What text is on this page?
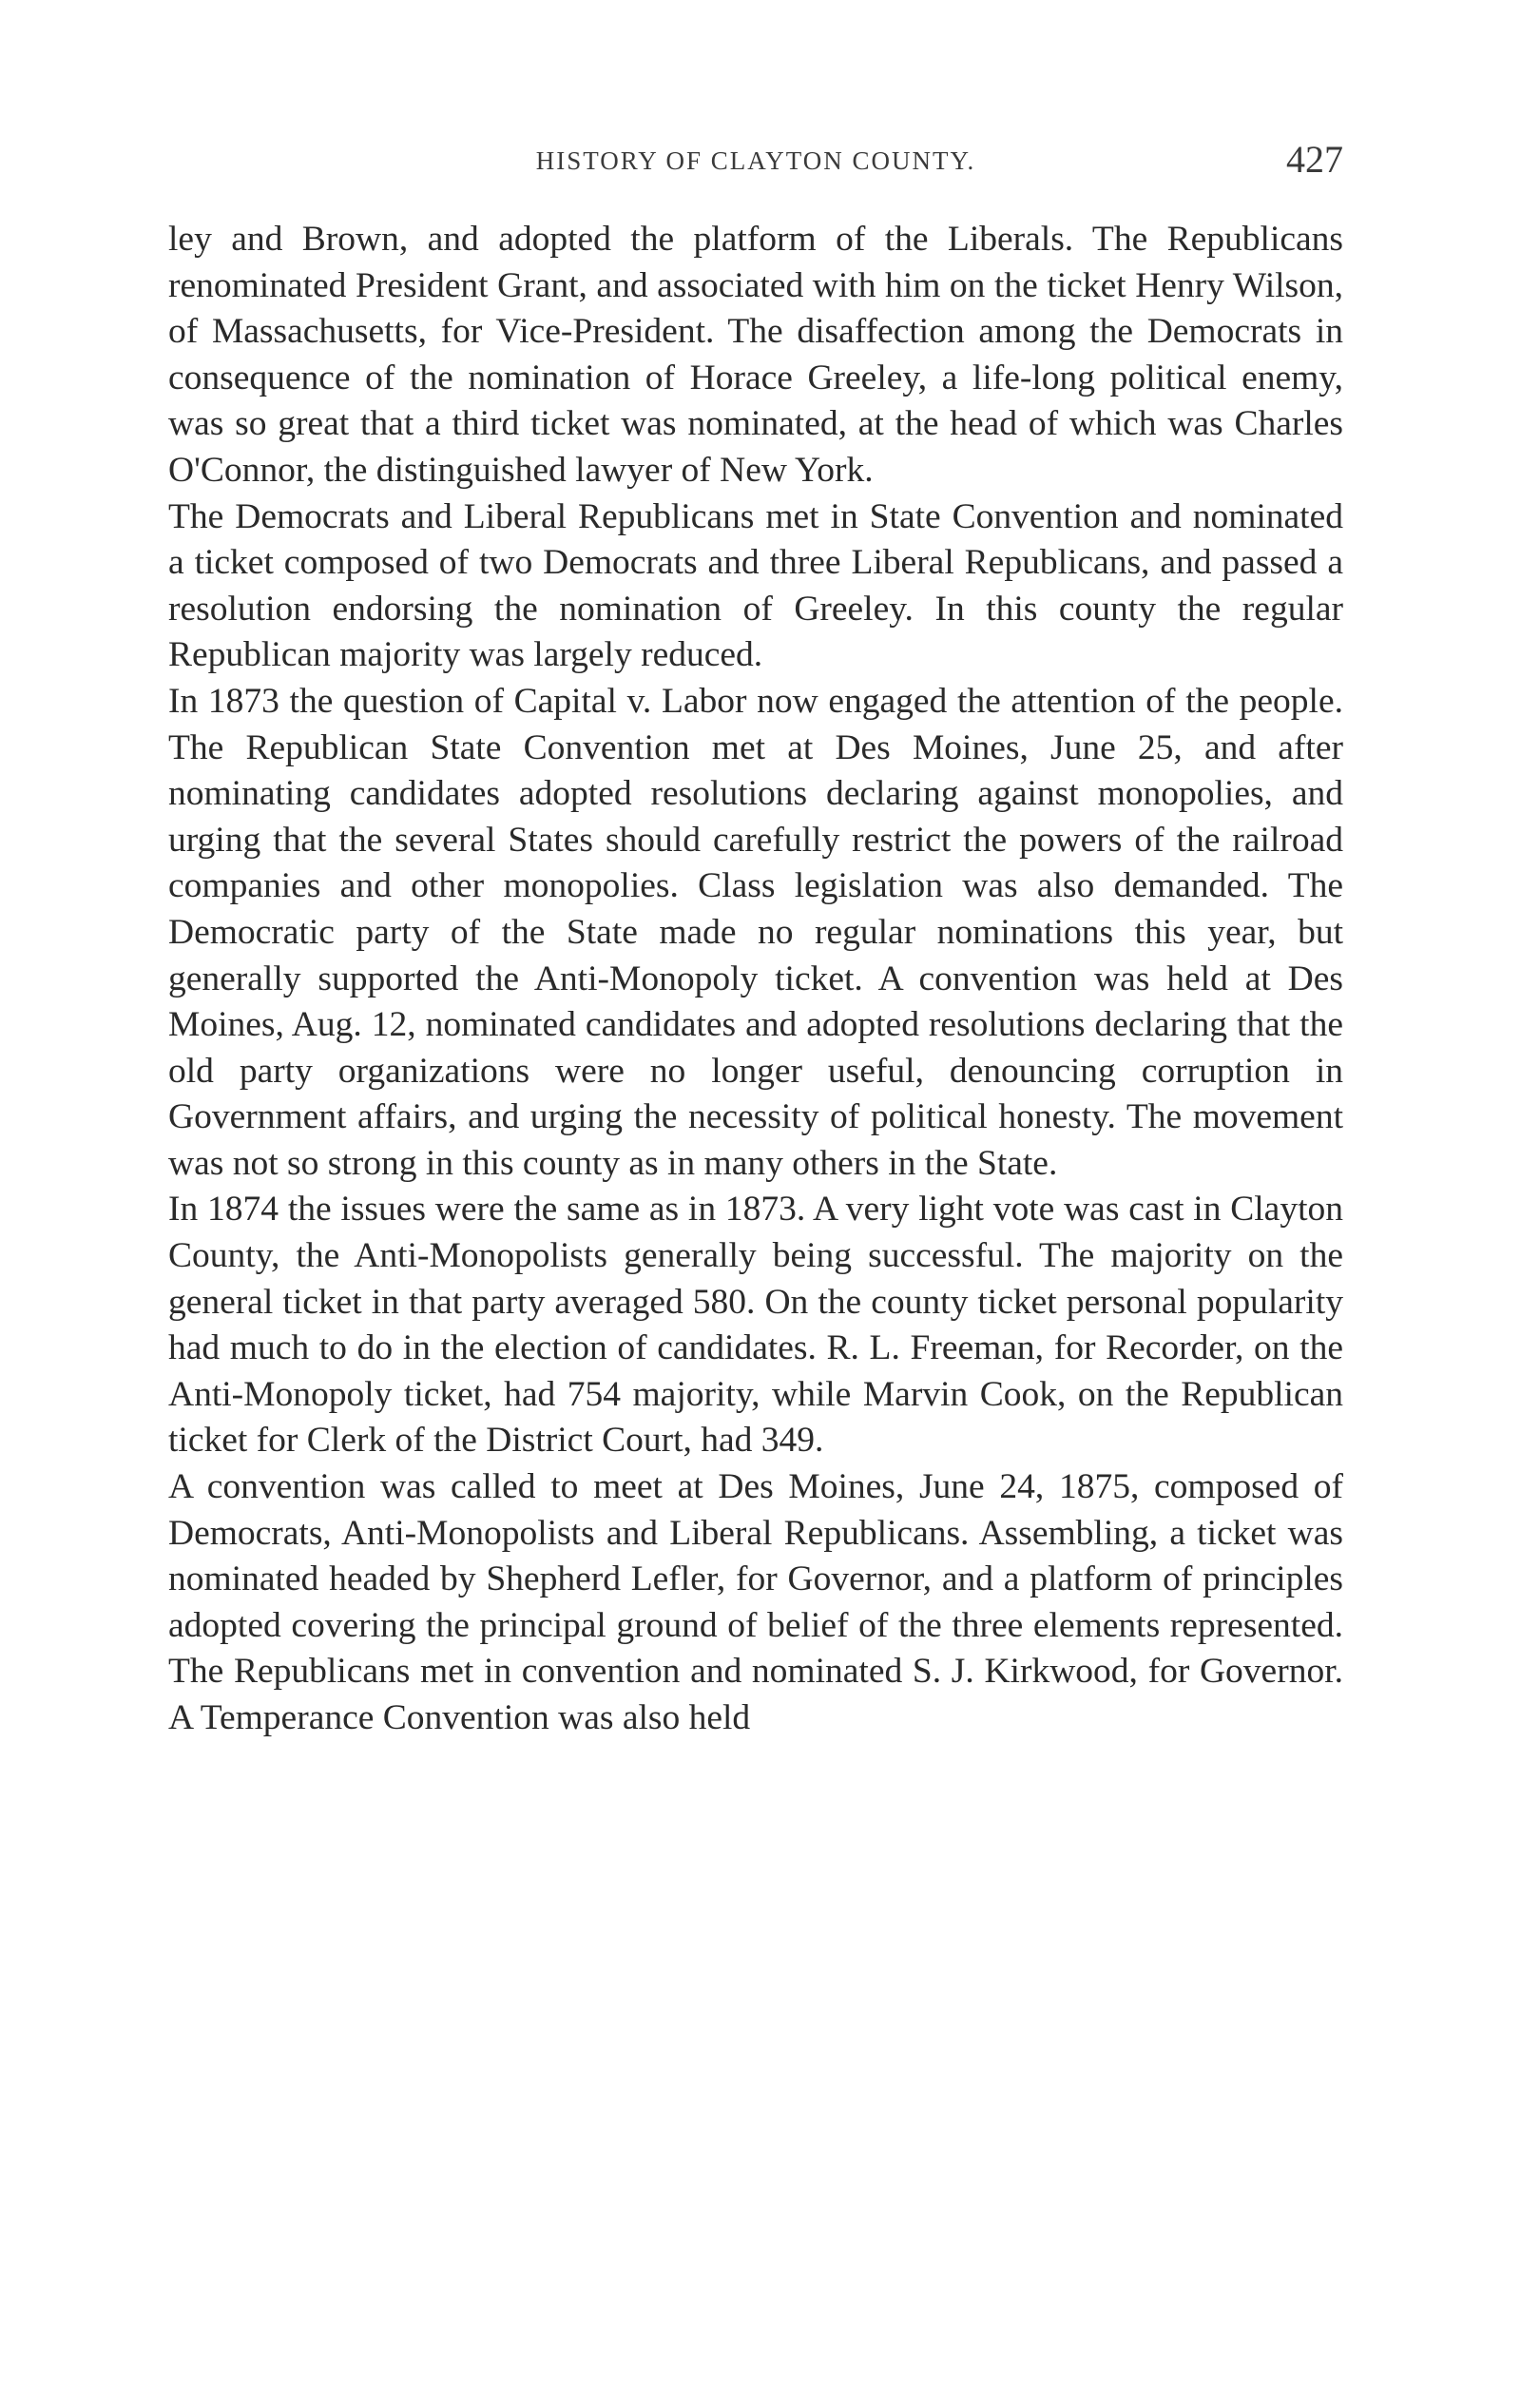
HISTORY OF CLAYTON COUNTY.	427

ley and Brown, and adopted the platform of the Liberals. The Republicans renominated President Grant, and associated with him on the ticket Henry Wilson, of Massachusetts, for Vice-President. The disaffection among the Democrats in consequence of the nomination of Horace Greeley, a life-long political enemy, was so great that a third ticket was nominated, at the head of which was Charles O'Connor, the distinguished lawyer of New York.

The Democrats and Liberal Republicans met in State Convention and nominated a ticket composed of two Democrats and three Liberal Republicans, and passed a resolution endorsing the nomination of Greeley. In this county the regular Republican majority was largely reduced.

In 1873 the question of Capital v. Labor now engaged the attention of the people. The Republican State Convention met at Des Moines, June 25, and after nominating candidates adopted resolutions declaring against monopolies, and urging that the several States should carefully restrict the powers of the railroad companies and other monopolies. Class legislation was also demanded. The Democratic party of the State made no regular nominations this year, but generally supported the Anti-Monopoly ticket. A convention was held at Des Moines, Aug. 12, nominated candidates and adopted resolutions declaring that the old party organizations were no longer useful, denouncing corruption in Government affairs, and urging the necessity of political honesty. The movement was not so strong in this county as in many others in the State.

In 1874 the issues were the same as in 1873. A very light vote was cast in Clayton County, the Anti-Monopolists generally being successful. The majority on the general ticket in that party averaged 580. On the county ticket personal popularity had much to do in the election of candidates. R. L. Freeman, for Recorder, on the Anti-Monopoly ticket, had 754 majority, while Marvin Cook, on the Republican ticket for Clerk of the District Court, had 349.

A convention was called to meet at Des Moines, June 24, 1875, composed of Democrats, Anti-Monopolists and Liberal Republicans. Assembling, a ticket was nominated headed by Shepherd Lefler, for Governor, and a platform of principles adopted covering the principal ground of belief of the three elements represented. The Republicans met in convention and nominated S. J. Kirkwood, for Governor. A Temperance Convention was also held
